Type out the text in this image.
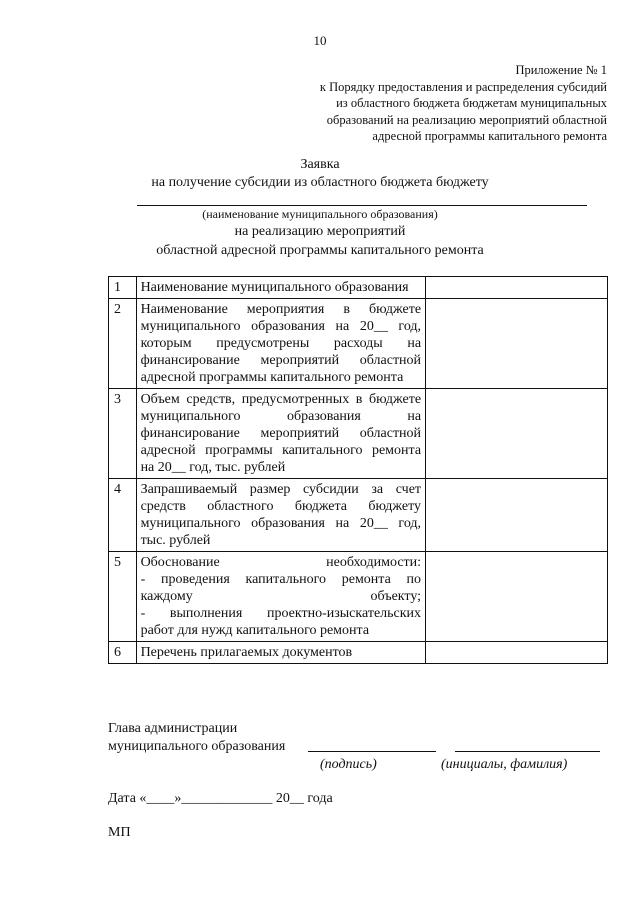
10
Приложение № 1
к Порядку предоставления и распределения субсидий
из областного бюджета бюджетам муниципальных
образований на реализацию мероприятий областной
адресной программы капитального ремонта
Заявка
на получение субсидии из областного бюджета бюджету
(наименование муниципального образования)
на реализацию мероприятий
областной адресной программы капитального ремонта
1	Наименование муниципального образования	

2	Наименование мероприятия в бюджете
муниципального образования на 20__ год,
которым предусмотрены расходы на
финансирование мероприятий областной
адресной программы капитального ремонта	

3	Объем средств, предусмотренных в бюджете
муниципального образования на
финансирование мероприятий областной
адресной программы капитального ремонта
на 20__ год, тыс. рублей	

4	Запрашиваемый размер субсидии за счет
средств областного бюджета бюджету
муниципального образования на 20__ год,
тыс. рублей	

5	Обоснование необходимости:
- проведения капитального ремонта по
каждому объекту;
- выполнения проектно-изыскательских
работ для нужд капитального ремонта	

6	Перечень прилагаемых документов	

Глава администрации
муниципального образования
(подпись)	(инициалы, фамилия)
Дата «____»_____________ 20__ года
МП
